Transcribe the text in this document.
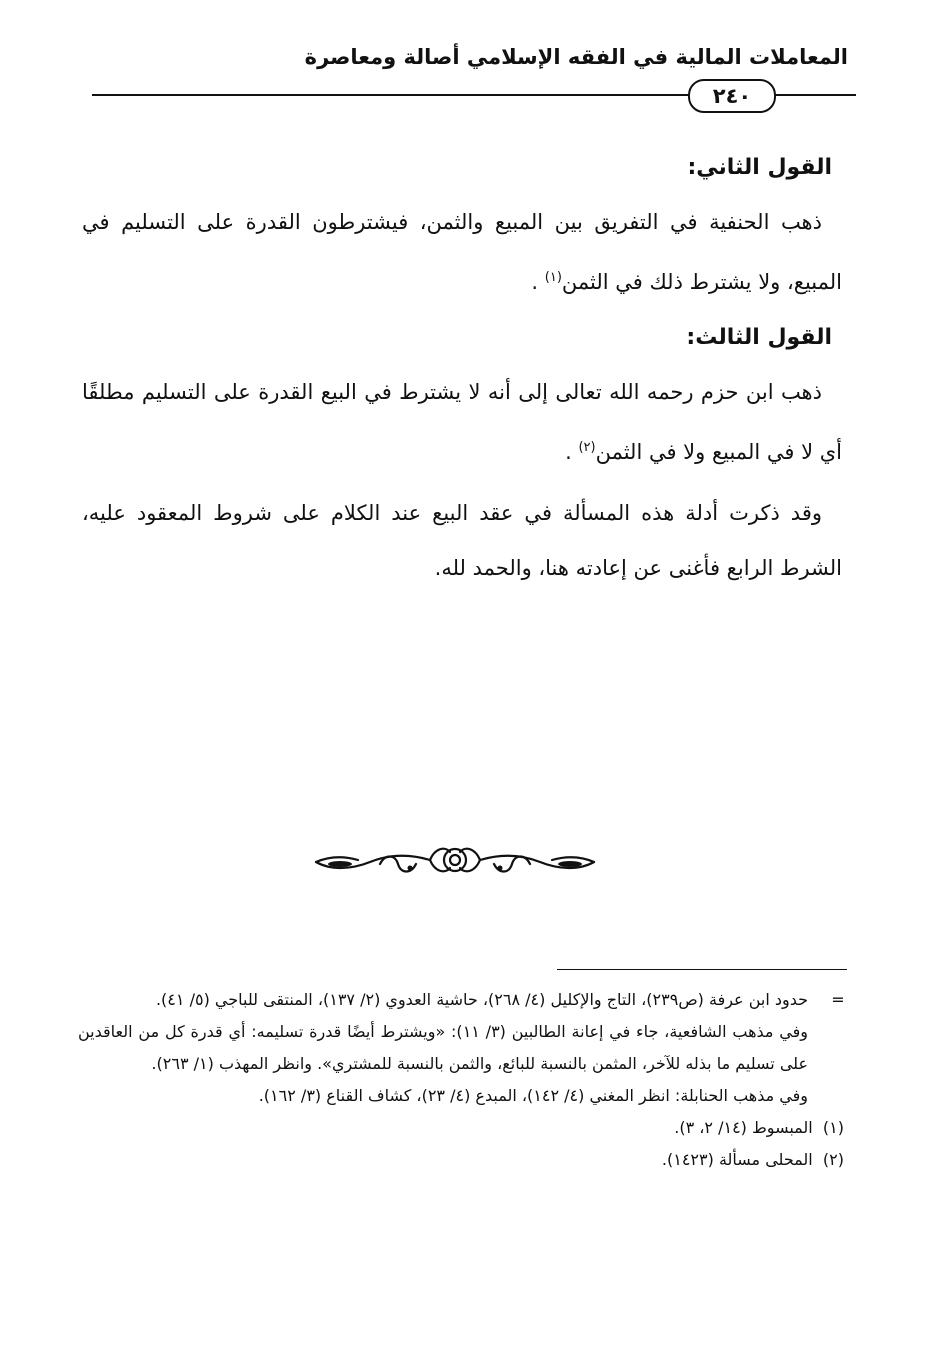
المعاملات المالية في الفقه الإسلامي أصالة ومعاصرة
٢٤٠
القول الثاني:

ذهب الحنفية في التفريق بين المبيع والثمن، فيشترطون القدرة على التسليم في المبيع، ولا يشترط ذلك في الثمن$^{(١)}$ .

القول الثالث:

ذهب ابن حزم رحمه الله تعالى إلى أنه لا يشترط في البيع القدرة على التسليم مطلقًا أي لا في المبيع ولا في الثمن$^{(٢)}$ .

وقد ذكرت أدلة هذه المسألة في عقد البيع عند الكلام على شروط المعقود عليه، الشرط الرابع فأغنى عن إعادته هنا، والحمد لله.

=
حدود ابن عرفة (ص٢٣٩)، التاج والإكليل (٤/ ٢٦٨)، حاشية العدوي (٢/ ١٣٧)، المنتقى للباجي (٥/ ٤١).

وفي مذهب الشافعية، جاء في إعانة الطالبين (٣/ ١١): «ويشترط أيضًا قدرة تسليمه: أي قدرة كل من العاقدين على تسليم ما بذله للآخر، المثمن بالنسبة للبائع، والثمن بالنسبة للمشتري». وانظر المهذب (١/ ٢٦٣).

وفي مذهب الحنابلة: انظر المغني (٤/ ١٤٢)، المبدع (٤/ ٢٣)، كشاف القناع (٣/ ١٦٢).

(١)  المبسوط (١٤/ ٢، ٣).

(٢)  المحلى مسألة (١٤٢٣).
